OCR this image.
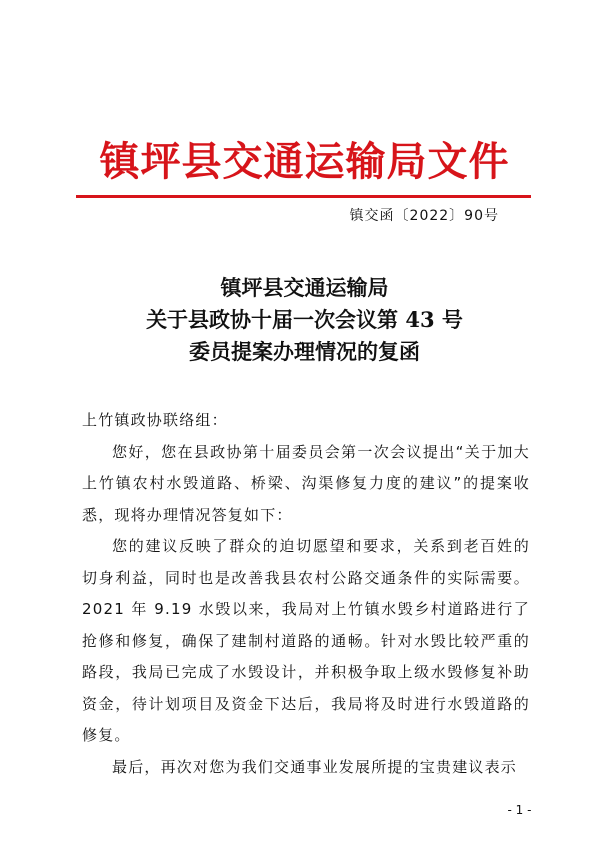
镇坪县交通运输局文件
镇交函〔2022〕90号
镇坪县交通运输局
关于县政协十届一次会议第 43 号
委员提案办理情况的复函

上竹镇政协联络组：

您好，您在县政协第十届委员会第一次会议提出“关于加大上竹镇农村水毁道路、桥梁、沟渠修复力度的建议”的提案收悉，现将办理情况答复如下：

您的建议反映了群众的迫切愿望和要求，关系到老百姓的切身利益，同时也是改善我县农村公路交通条件的实际需要。2021 年 9.19 水毁以来，我局对上竹镇水毁乡村道路进行了抢修和修复，确保了建制村道路的通畅。针对水毁比较严重的路段，我局已完成了水毁设计，并积极争取上级水毁修复补助资金，待计划项目及资金下达后，我局将及时进行水毁道路的修复。

最后，再次对您为我们交通事业发展所提的宝贵建议表示

- 1 -
